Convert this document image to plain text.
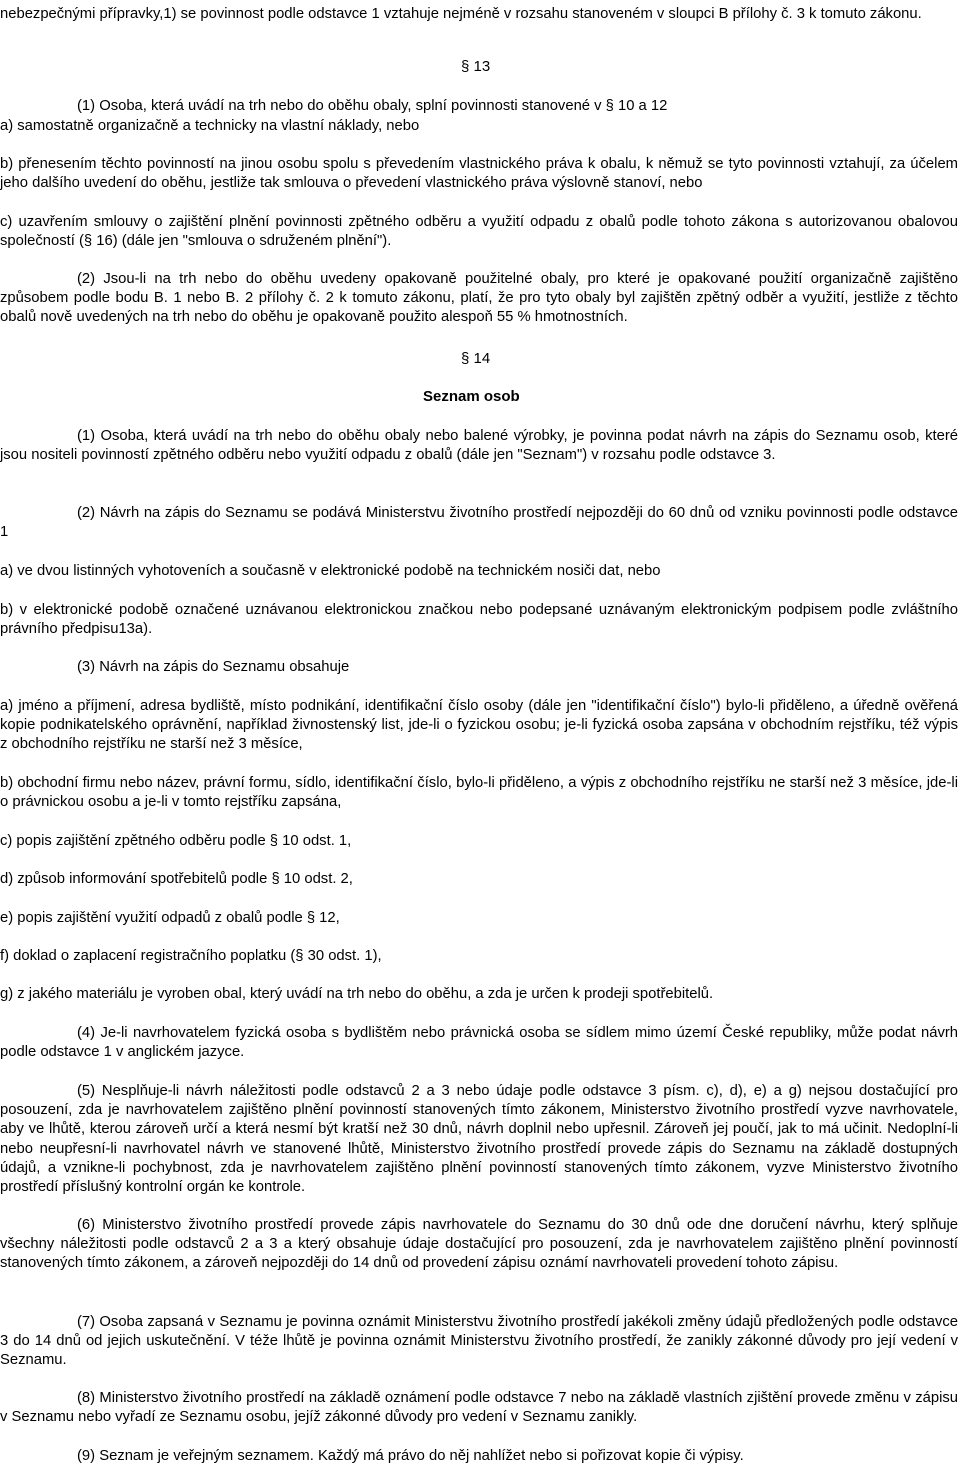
nebezpečnými přípravky,1) se povinnost podle odstavce 1 vztahuje nejméně v rozsahu stanoveném v sloupci B přílohy č. 3 k tomuto zákonu.

§ 13

(1) Osoba, která uvádí na trh nebo do oběhu obaly, splní povinnosti stanovené v § 10 a 12

a) samostatně organizačně a technicky na vlastní náklady, nebo

b) přenesením těchto povinností na jinou osobu spolu s převedením vlastnického práva k obalu, k němuž se tyto povinnosti vztahují, za účelem jeho dalšího uvedení do oběhu, jestliže tak smlouva o převedení vlastnického práva výslovně stanoví, nebo

c) uzavřením smlouvy o zajištění plnění povinnosti zpětného odběru a využití odpadu z obalů podle tohoto zákona s autorizovanou obalovou společností (§ 16) (dále jen "smlouva o sdruženém plnění").

(2) Jsou-li na trh nebo do oběhu uvedeny opakovaně použitelné obaly, pro které je opakované použití organizačně zajištěno způsobem podle bodu B. 1 nebo B. 2 přílohy č. 2 k tomuto zákonu, platí, že pro tyto obaly byl zajištěn zpětný odběr a využití, jestliže z těchto obalů nově uvedených na trh nebo do oběhu je opakovaně použito alespoň 55 % hmotnostních.

§ 14
Seznam osob

(1) Osoba, která uvádí na trh nebo do oběhu obaly nebo balené výrobky, je povinna podat návrh na zápis do Seznamu osob, které jsou nositeli povinností zpětného odběru nebo využití odpadu z obalů (dále jen "Seznam") v rozsahu podle odstavce 3.

(2) Návrh na zápis do Seznamu se podává Ministerstvu životního prostředí nejpozději do 60 dnů od vzniku povinnosti podle odstavce 1

a) ve dvou listinných vyhotoveních a současně v elektronické podobě na technickém nosiči dat, nebo

b) v elektronické podobě označené uznávanou elektronickou značkou nebo podepsané uznávaným elektronickým podpisem podle zvláštního právního předpisu13a).

(3) Návrh na zápis do Seznamu obsahuje

a) jméno a příjmení, adresa bydliště, místo podnikání, identifikační číslo osoby (dále jen "identifikační číslo") bylo-li přiděleno, a úředně ověřená kopie podnikatelského oprávnění, například živnostenský list, jde-li o fyzickou osobu; je-li fyzická osoba zapsána v obchodním rejstříku, též výpis z obchodního rejstříku ne starší než 3 měsíce,

b) obchodní firmu nebo název, právní formu, sídlo, identifikační číslo, bylo-li přiděleno, a výpis z obchodního rejstříku ne starší než 3 měsíce, jde-li o právnickou osobu a je-li v tomto rejstříku zapsána,

c) popis zajištění zpětného odběru podle § 10 odst. 1,

d) způsob informování spotřebitelů podle § 10 odst. 2,

e) popis zajištění využití odpadů z obalů podle § 12,

f) doklad o zaplacení registračního poplatku (§ 30 odst. 1),

g) z jakého materiálu je vyroben obal, který uvádí na trh nebo do oběhu, a zda je určen k prodeji spotřebitelů.

(4) Je-li navrhovatelem fyzická osoba s bydlištěm nebo právnická osoba se sídlem mimo území České republiky, může podat návrh podle odstavce 1 v anglickém jazyce.

(5) Nesplňuje-li návrh náležitosti podle odstavců 2 a 3 nebo údaje podle odstavce 3 písm. c), d), e) a g) nejsou dostačující pro posouzení, zda je navrhovatelem zajištěno plnění povinností stanovených tímto zákonem, Ministerstvo životního prostředí vyzve navrhovatele, aby ve lhůtě, kterou zároveň určí a která nesmí být kratší než 30 dnů, návrh doplnil nebo upřesnil. Zároveň jej poučí, jak to má učinit. Nedoplní-li nebo neupřesní-li navrhovatel návrh ve stanovené lhůtě, Ministerstvo životního prostředí provede zápis do Seznamu na základě dostupných údajů, a vznikne-li pochybnost, zda je navrhovatelem zajištěno plnění povinností stanovených tímto zákonem, vyzve Ministerstvo životního prostředí příslušný kontrolní orgán ke kontrole.

(6) Ministerstvo životního prostředí provede zápis navrhovatele do Seznamu do 30 dnů ode dne doručení návrhu, který splňuje všechny náležitosti podle odstavců 2 a 3 a který obsahuje údaje dostačující pro posouzení, zda je navrhovatelem zajištěno plnění povinností stanovených tímto zákonem, a zároveň nejpozději do 14 dnů od provedení zápisu oznámí navrhovateli provedení tohoto zápisu.

(7) Osoba zapsaná v Seznamu je povinna oznámit Ministerstvu životního prostředí jakékoli změny údajů předložených podle odstavce 3 do 14 dnů od jejich uskutečnění. V téže lhůtě je povinna oznámit Ministerstvu životního prostředí, že zanikly zákonné důvody pro její vedení v Seznamu.

(8) Ministerstvo životního prostředí na základě oznámení podle odstavce 7 nebo na základě vlastních zjištění provede změnu v zápisu v Seznamu nebo vyřadí ze Seznamu osobu, jejíž zákonné důvody pro vedení v Seznamu zanikly.

(9) Seznam je veřejným seznamem. Každý má právo do něj nahlížet nebo si pořizovat kopie či výpisy.
